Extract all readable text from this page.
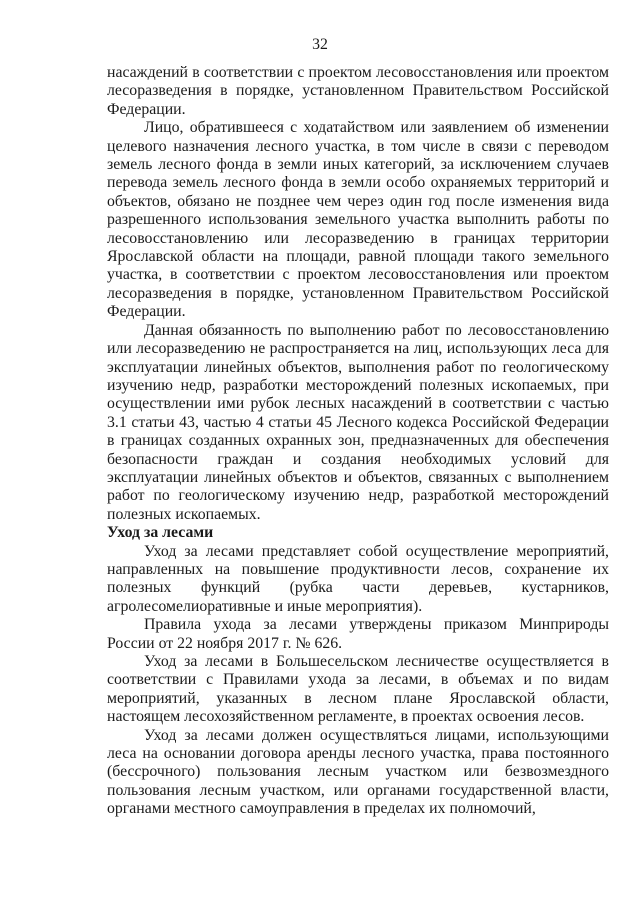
32

насаждений в соответствии с проектом лесовосстановления или проектом лесоразведения в порядке, установленном Правительством Российской Федерации.

Лицо, обратившееся с ходатайством или заявлением об изменении целевого назначения лесного участка, в том числе в связи с переводом земель лесного фонда в земли иных категорий, за исключением случаев перевода земель лесного фонда в земли особо охраняемых территорий и объектов, обязано не позднее чем через один год после изменения вида разрешенного использования земельного участка выполнить работы по лесовосстановлению или лесоразведению в границах территории Ярославской области на площади, равной площади такого земельного участка, в соответствии с проектом лесовосстановления или проектом лесоразведения в порядке, установленном Правительством Российской Федерации.

Данная обязанность по выполнению работ по лесовосстановлению или лесоразведению не распространяется на лиц, использующих леса для эксплуатации линейных объектов, выполнения работ по геологическому изучению недр, разработки месторождений полезных ископаемых, при осуществлении ими рубок лесных насаждений в соответствии с частью 3.1 статьи 43, частью 4 статьи 45 Лесного кодекса Российской Федерации в границах созданных охранных зон, предназначенных для обеспечения безопасности граждан и создания необходимых условий для эксплуатации линейных объектов и объектов, связанных с выполнением работ по геологическому изучению недр, разработкой месторождений полезных ископаемых.

Уход за лесами

Уход за лесами представляет собой осуществление мероприятий, направленных на повышение продуктивности лесов, сохранение их полезных функций (рубка части деревьев, кустарников, агролесомелиоративные и иные мероприятия).

Правила ухода за лесами утверждены приказом Минприроды России от 22 ноября 2017 г. № 626.

Уход за лесами в Большесельском лесничестве осуществляется в соответствии с Правилами ухода за лесами, в объемах и по видам мероприятий, указанных в лесном плане Ярославской области, настоящем лесохозяйственном регламенте, в проектах освоения лесов.

Уход за лесами должен осуществляться лицами, использующими леса на основании договора аренды лесного участка, права постоянного (бессрочного) пользования лесным участком или безвозмездного пользования лесным участком, или органами государственной власти, органами местного самоуправления в пределах их полномочий,
